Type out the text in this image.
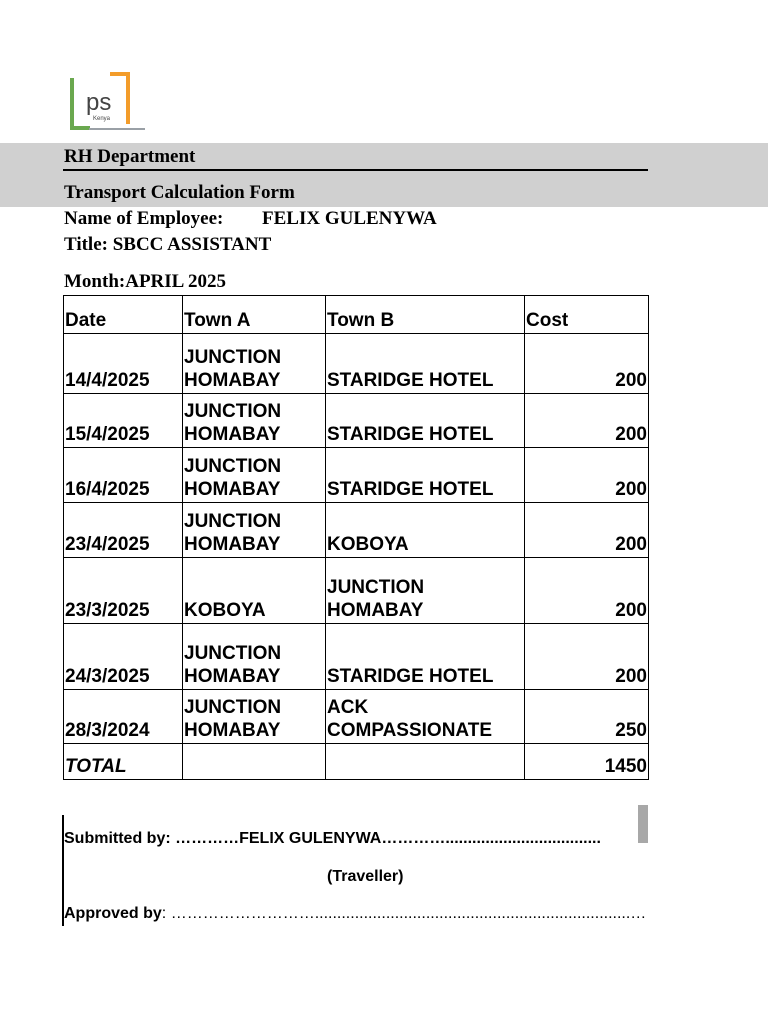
ps
Kenya
RH Department
Transport Calculation Form
Name of Employee: FELIX GULENYWA
Title: SBCC ASSISTANT
Month:APRIL 2025
Date	Town A	Town B	Cost
14/4/2025	JUNCTION HOMABAY	STARIDGE HOTEL	200
15/4/2025	JUNCTION HOMABAY	STARIDGE HOTEL	200
16/4/2025	JUNCTION HOMABAY	STARIDGE HOTEL	200
23/4/2025	JUNCTION HOMABAY	KOBOYA	200
23/3/2025	KOBOYA	JUNCTION HOMABAY	200
24/3/2025	JUNCTION HOMABAY	STARIDGE HOTEL	200
28/3/2024	JUNCTION HOMABAY	ACK COMPASSIONATE	250
TOTAL			1450
Submitted by: …………FELIX GULENYWA…………...................................
(Traveller)
Approved by: ……………………….......................................................................…
